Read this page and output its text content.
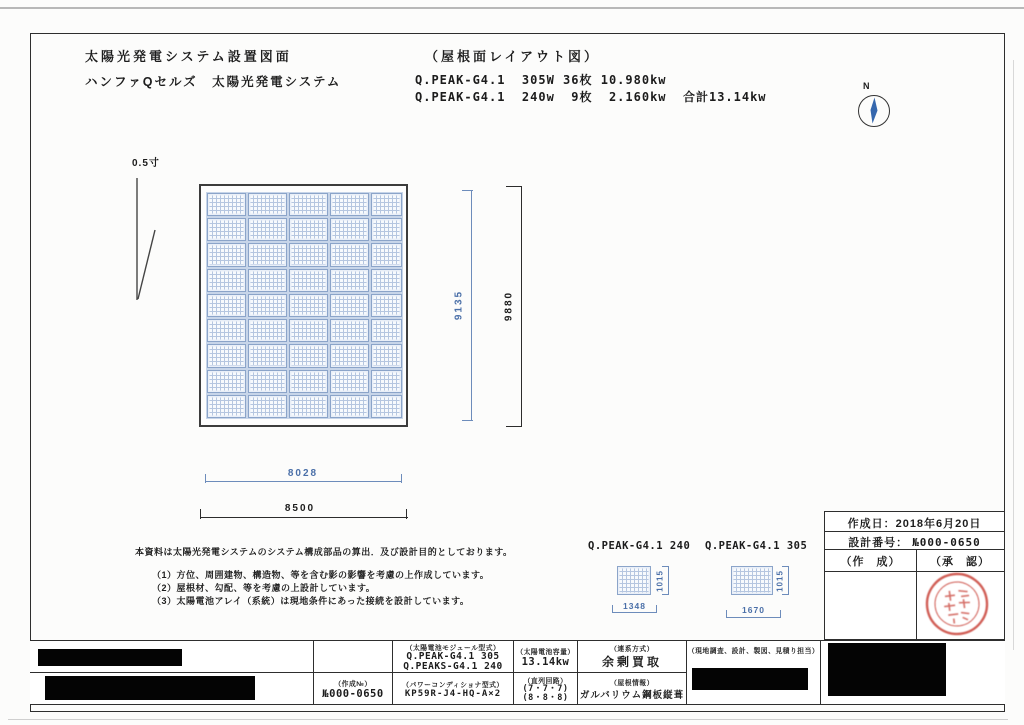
太陽光発電システム設置図面	（屋根面レイアウト図）
ハンファQセルズ　太陽光発電システム	Q.PEAK-G4.1  305W 36枚 10.980kw
Q.PEAK-G4.1  240w  9枚  2.160kw  合計13.14kw
N
0.5寸
9135	9880
8028
8500
本資料は太陽光発電システムのシステム構成部品の算出．及び設計目的としております。
（1）方位、周囲建物、構造物、等を含む影の影響を考慮の上作成しています。
（2）屋根材、勾配、等を考慮の上設計しています。
（3）太陽電池アレイ（系統）は現地条件にあった接続を設計しています。
Q.PEAK-G4.1 240 Q.PEAK-G4.1 305
1015
1348
1015
1670
作成日：2018年6月20日
設計番号： №000-0650
（作　成）	（承　認）
（太陽電池モジュール型式）
Q.PEAK-G4.1 305
Q.PEAKS-G4.1 240
（太陽電池容量）
13.14kw
（連系方式）
余剰買取
（現地調査、設計、製図、見積り担当）
（作成№）
№000-0650
（パワーコンディショナ型式）
KP59R-J4-HQ-A×2
（直列回路）
(7・7・7)
(8・8・8)
（屋根情報）
ガルバリウム鋼板縦葺
